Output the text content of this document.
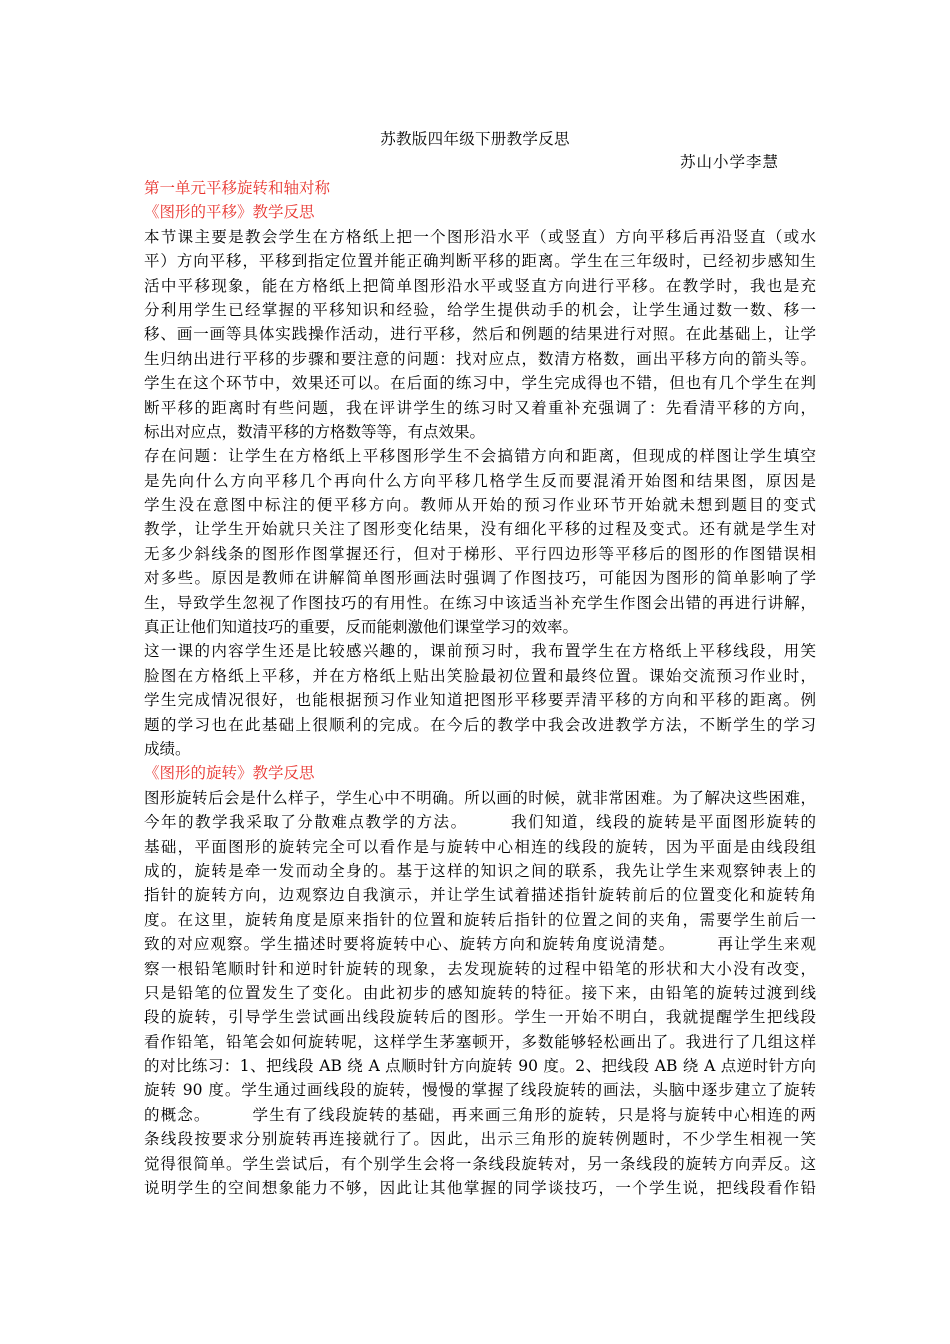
苏教版四年级下册教学反思
苏山小学李慧
第一单元平移旋转和轴对称
《图形的平移》教学反思
本节课主要是教会学生在方格纸上把一个图形沿水平（或竖直）方向平移后再沿竖直（或水
平）方向平移，平移到指定位置并能正确判断平移的距离。学生在三年级时，已经初步感知生
活中平移现象，能在方格纸上把简单图形沿水平或竖直方向进行平移。在教学时，我也是充
分利用学生已经掌握的平移知识和经验，给学生提供动手的机会，让学生通过数一数、移一
移、画一画等具体实践操作活动，进行平移，然后和例题的结果进行对照。在此基础上，让学
生归纳出进行平移的步骤和要注意的问题：找对应点，数清方格数，画出平移方向的箭头等。
学生在这个环节中，效果还可以。在后面的练习中，学生完成得也不错，但也有几个学生在判
断平移的距离时有些问题，我在评讲学生的练习时又着重补充强调了：先看清平移的方向，
标出对应点，数清平移的方格数等等，有点效果。
存在问题：让学生在方格纸上平移图形学生不会搞错方向和距离，但现成的样图让学生填空
是先向什么方向平移几个再向什么方向平移几格学生反而要混淆开始图和结果图，原因是
学生没在意图中标注的便平移方向。教师从开始的预习作业环节开始就未想到题目的变式
教学，让学生开始就只关注了图形变化结果，没有细化平移的过程及变式。还有就是学生对
无多少斜线条的图形作图掌握还行，但对于梯形、平行四边形等平移后的图形的作图错误相
对多些。原因是教师在讲解简单图形画法时强调了作图技巧，可能因为图形的简单影响了学
生，导致学生忽视了作图技巧的有用性。在练习中该适当补充学生作图会出错的再进行讲解，
真正让他们知道技巧的重要，反而能刺激他们课堂学习的效率。
这一课的内容学生还是比较感兴趣的，课前预习时，我布置学生在方格纸上平移线段，用笑
脸图在方格纸上平移，并在方格纸上贴出笑脸最初位置和最终位置。课始交流预习作业时，
学生完成情况很好，也能根据预习作业知道把图形平移要弄清平移的方向和平移的距离。例
题的学习也在此基础上很顺利的完成。在今后的教学中我会改进教学方法，不断学生的学习
成绩。
《图形的旋转》教学反思
图形旋转后会是什么样子，学生心中不明确。所以画的时候，就非常困难。为了解决这些困难，
今年的教学我采取了分散难点教学的方法。　　　我们知道，线段的旋转是平面图形旋转的
基础，平面图形的旋转完全可以看作是与旋转中心相连的线段的旋转，因为平面是由线段组
成的，旋转是牵一发而动全身的。基于这样的知识之间的联系，我先让学生来观察钟表上的
指针的旋转方向，边观察边自我演示，并让学生试着描述指针旋转前后的位置变化和旋转角
度。在这里，旋转角度是原来指针的位置和旋转后指针的位置之间的夹角，需要学生前后一
致的对应观察。学生描述时要将旋转中心、旋转方向和旋转角度说清楚。　　　再让学生来观
察一根铅笔顺时针和逆时针旋转的现象，去发现旋转的过程中铅笔的形状和大小没有改变，
只是铅笔的位置发生了变化。由此初步的感知旋转的特征。接下来，由铅笔的旋转过渡到线
段的旋转，引导学生尝试画出线段旋转后的图形。学生一开始不明白，我就提醒学生把线段
看作铅笔，铅笔会如何旋转呢，这样学生茅塞顿开，多数能够轻松画出了。我进行了几组这样
的对比练习：1、把线段 AB 绕 A 点顺时针方向旋转 90 度。2、把线段 AB 绕 A 点逆时针方向
旋转 90 度。学生通过画线段的旋转，慢慢的掌握了线段旋转的画法，头脑中逐步建立了旋转
的概念。　　　学生有了线段旋转的基础，再来画三角形的旋转，只是将与旋转中心相连的两
条线段按要求分别旋转再连接就行了。因此，出示三角形的旋转例题时，不少学生相视一笑
觉得很简单。学生尝试后，有个别学生会将一条线段旋转对，另一条线段的旋转方向弄反。这
说明学生的空间想象能力不够，因此让其他掌握的同学谈技巧，一个学生说，把线段看作铅
